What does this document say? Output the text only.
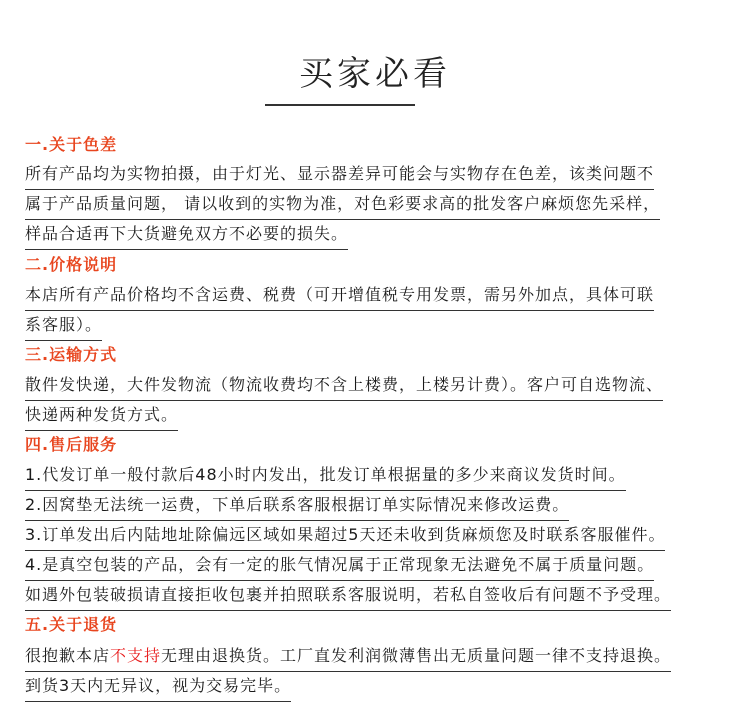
买家必看
一.关于色差
所有产品均为实物拍摄，由于灯光、显示器差异可能会与实物存在色差，该类问题不
属于产品质量问题， 请以收到的实物为准，对色彩要求高的批发客户麻烦您先采样，
样品合适再下大货避免双方不必要的损失。
二.价格说明
本店所有产品价格均不含运费、税费（可开增值税专用发票，需另外加点，具体可联
系客服）。
三.运输方式
散件发快递，大件发物流（物流收费均不含上楼费，上楼另计费）。客户可自选物流、
快递两种发货方式。
四.售后服务
1.代发订单一般付款后48小时内发出，批发订单根据量的多少来商议发货时间。
2.因窝垫无法统一运费，下单后联系客服根据订单实际情况来修改运费。
3.订单发出后内陆地址除偏远区域如果超过5天还未收到货麻烦您及时联系客服催件。
4.是真空包装的产品，会有一定的胀气情况属于正常现象无法避免不属于质量问题。
如遇外包装破损请直接拒收包裹并拍照联系客服说明，若私自签收后有问题不予受理。
五.关于退货
很抱歉本店不支持无理由退换货。工厂直发利润微薄售出无质量问题一律不支持退换。
到货3天内无异议，视为交易完毕。
